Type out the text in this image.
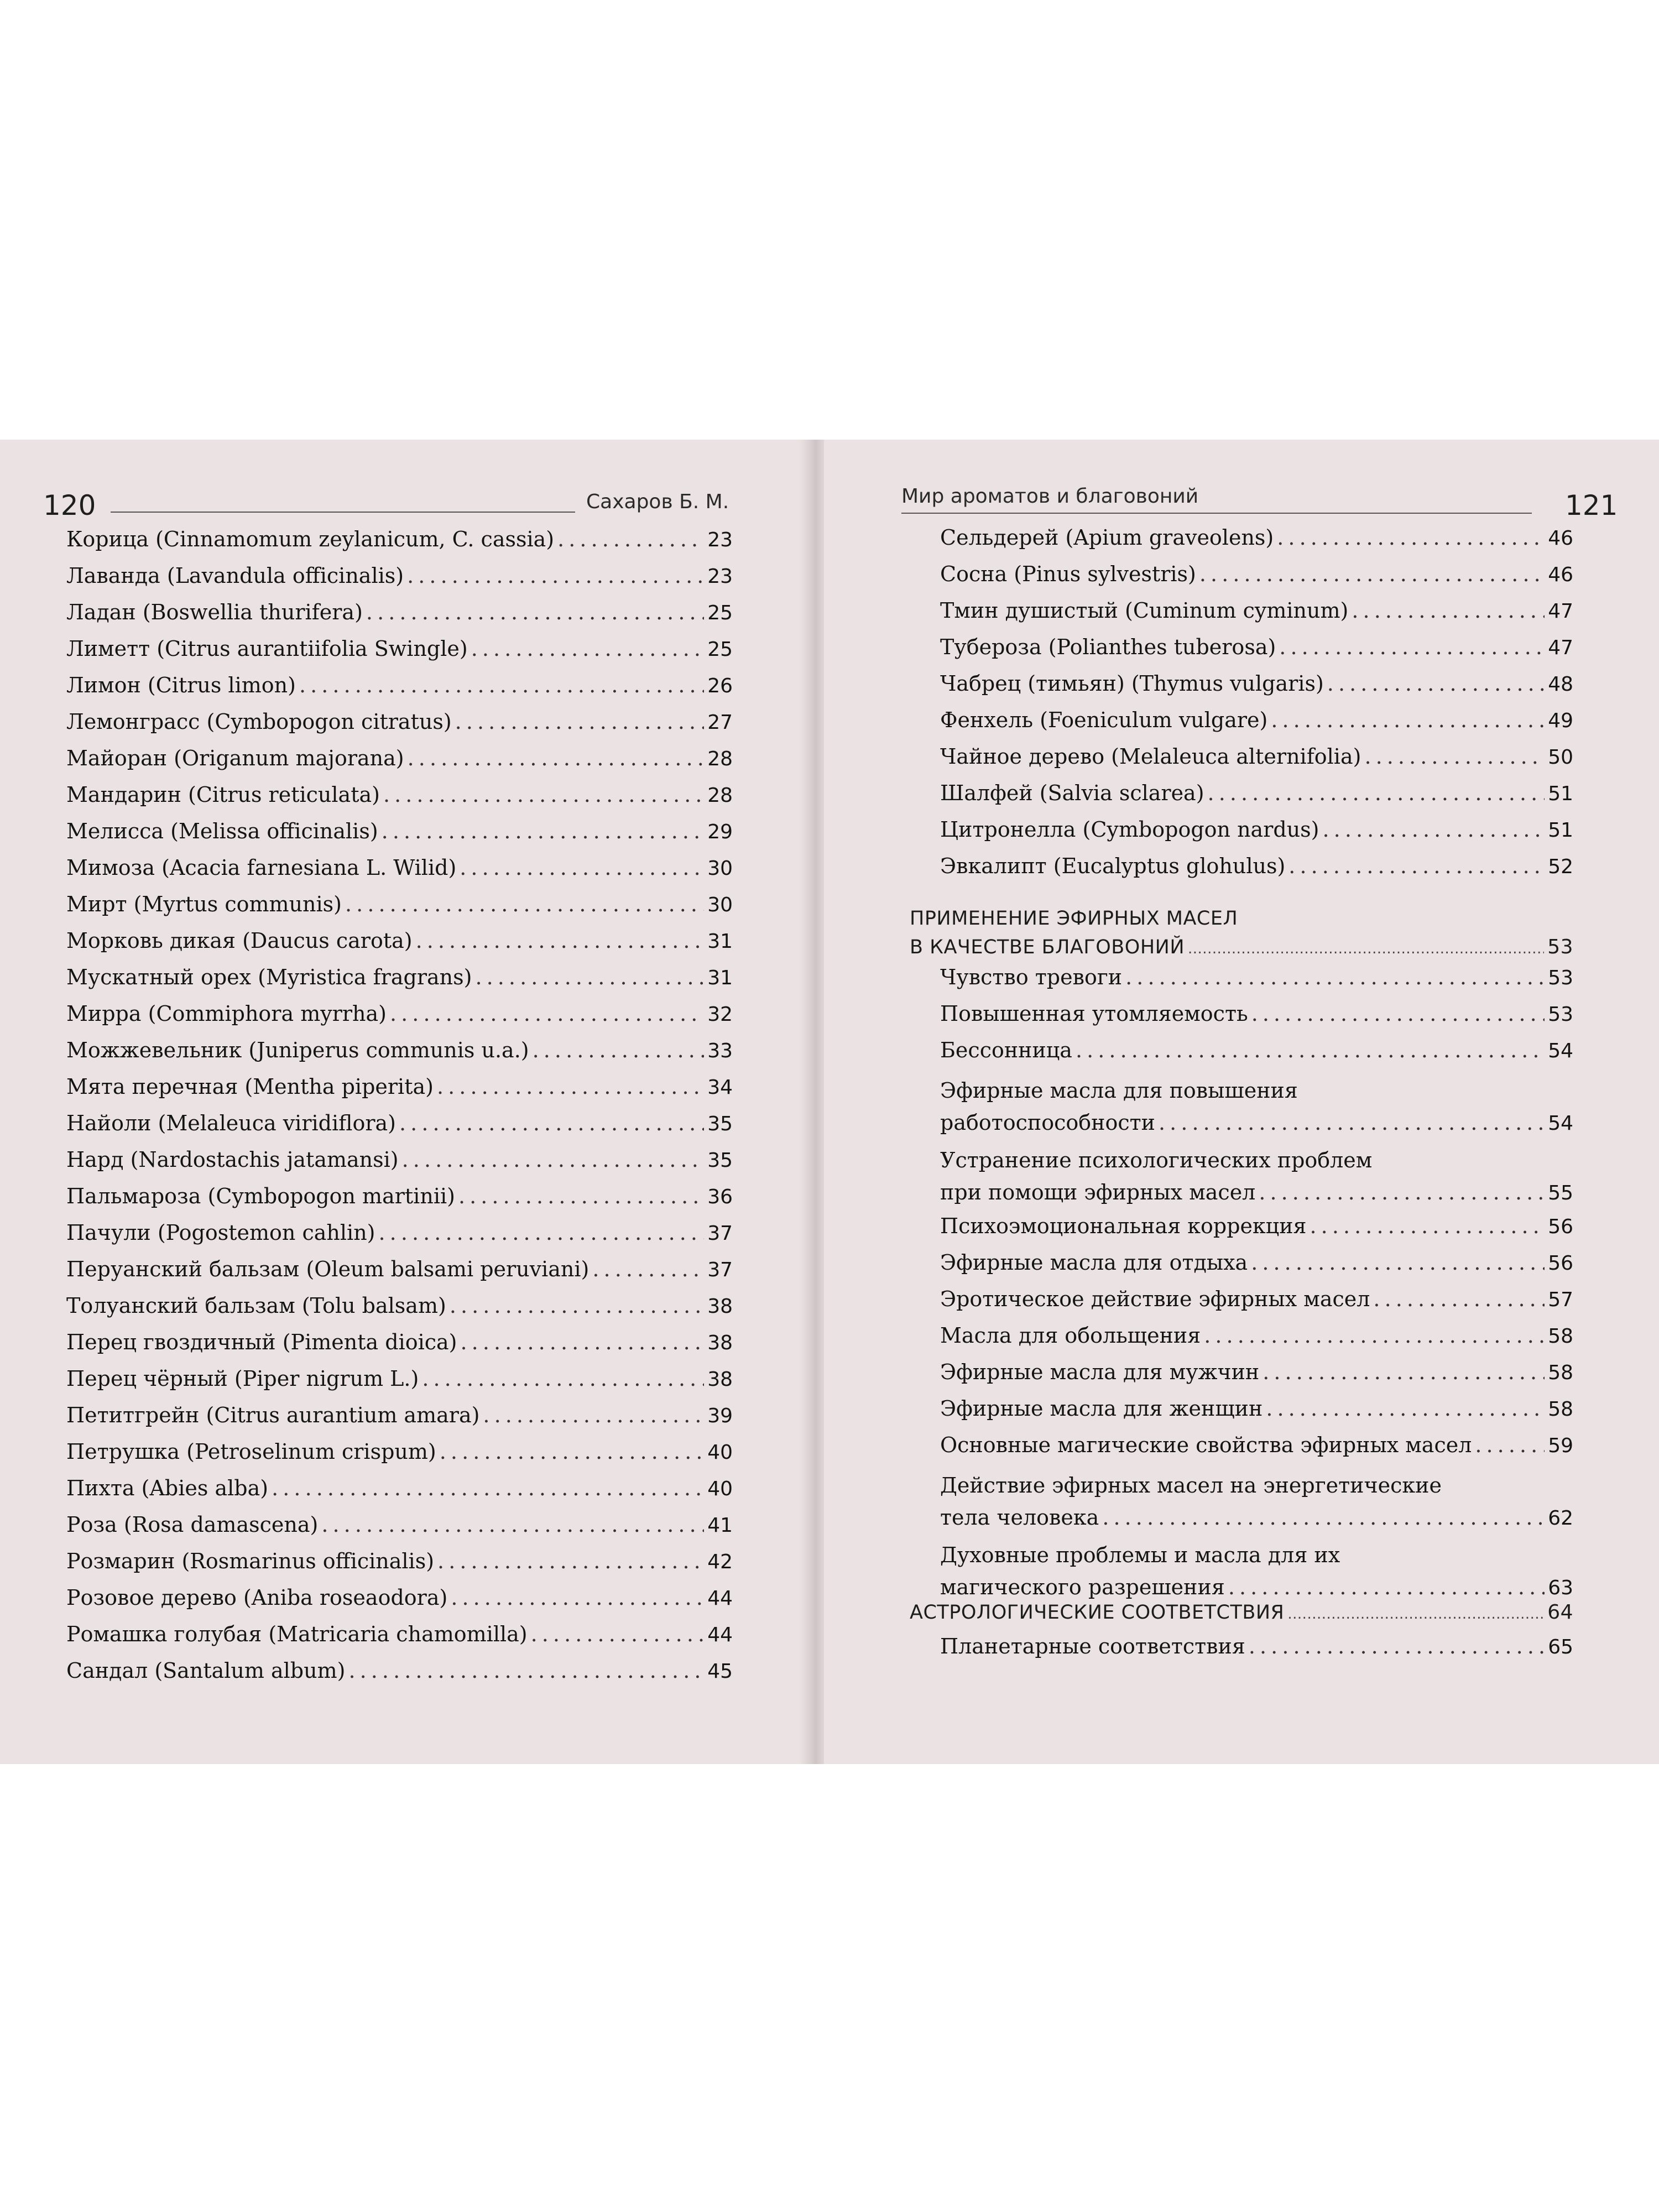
120	Сахаров Б. М.
Корица (Cinnamomum zeylanicum, C. cassia) . . .	23
Лаванда (Lavandula officinalis) . . .	23
Ладан (Boswellia thurifera) . . .	25
Лиметт (Citrus aurantiifolia Swingle) . . .	25
Лимон (Citrus limon) . . .	26
Лемонграсс (Cymbopogon citratus) . . .	27
Майоран (Origanum majorana) . . .	28
Мандарин (Citrus reticulata) . . .	28
Мелисса (Melissa officinalis) . . .	29
Мимоза (Acacia farnesiana L. Wilid) . . .	30
Мирт (Myrtus communis) . . .	30
Морковь дикая (Daucus carota) . . .	31
Мускатный орех (Myristica fragrans) . . .	31
Мирра (Commiphora myrrha) . . .	32
Можжевельник (Juniperus communis u.a.) . . .	33
Мята перечная (Mentha piperita) . . .	34
Найоли (Melaleuca viridiflora) . . .	35
Нард (Nardostachis jatamansi) . . .	35
Пальмароза (Cymbopogon martinii) . . .	36
Пачули (Pogostemon cahlin) . . .	37
Перуанский бальзам (Oleum balsami peruviani) . . .	37
Толуанский бальзам (Tolu balsam) . . .	38
Перец гвоздичный (Pimenta dioica) . . .	38
Перец чёрный (Piper nigrum L.) . . .	38
Петитгрейн (Citrus aurantium amara) . . .	39
Петрушка (Petroselinum crispum) . . .	40
Пихта (Abies alba) . . .	40
Роза (Rosa damascena) . . .	41
Розмарин (Rosmarinus officinalis) . . .	42
Розовое дерево (Aniba roseaodora) . . .	44
Ромашка голубая (Matricaria chamomilla) . . .	44
Сандал (Santalum album) . . .	45
Мир ароматов и благовоний	121
Сельдерей (Apium graveolens) . . .	46
Сосна (Pinus sylvestris) . . .	46
Тмин душистый (Cuminum cyminum) . . .	47
Тубероза (Polianthes tuberosa) . . .	47
Чабрец (тимьян) (Thymus vulgaris) . . .	48
Фенхель (Foeniculum vulgare) . . .	49
Чайное дерево (Melaleuca alternifolia) . . .	50
Шалфей (Salvia sclarea) . . .	51
Цитронелла (Cymbopogon nardus) . . .	51
Эвкалипт (Eucalyptus glohulus) . . .	52
ПРИМЕНЕНИЕ ЭФИРНЫХ МАСЕЛ
В КАЧЕСТВЕ БЛАГОВОНИЙ .....	53
Чувство тревоги . . .	53
Повышенная утомляемость . . .	53
Бессонница . . .	54
Эфирные масла для повышения
работоспособности . . .	54
Устранение психологических проблем
при помощи эфирных масел . . .	55
Психоэмоциональная коррекция . . .	56
Эфирные масла для отдыха . . .	56
Эротическое действие эфирных масел . . .	57
Масла для обольщения . . .	58
Эфирные масла для мужчин . . .	58
Эфирные масла для женщин . . .	58
Основные магические свойства эфирных масел . . .	59
Действие эфирных масел на энергетические
тела человека . . .	62
Духовные проблемы и масла для их
магического разрешения . . .	63
АСТРОЛОГИЧЕСКИЕ СООТВЕТСТВИЯ .....	64
Планетарные соответствия . . .	65
